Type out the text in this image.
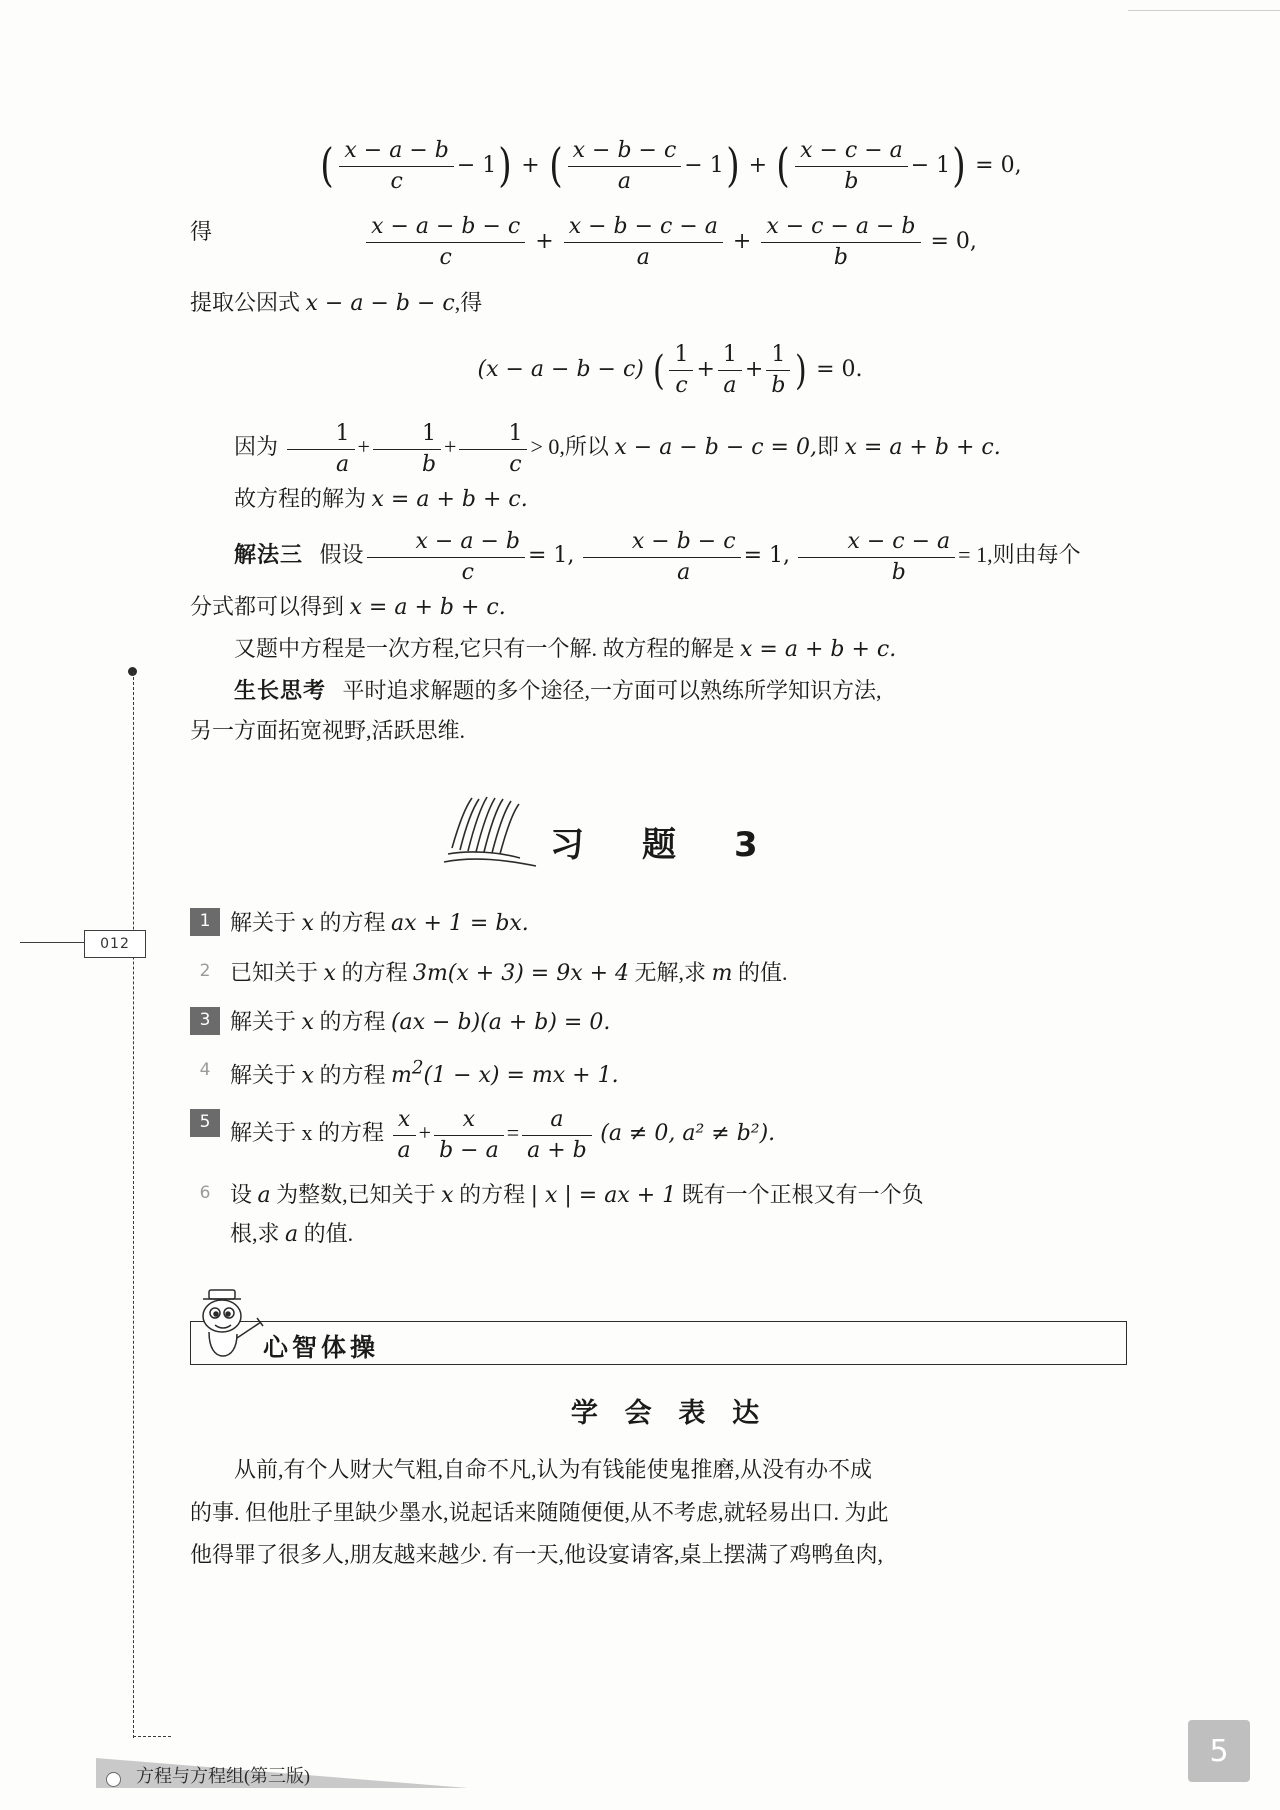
012
( $\frac{x - a - b}{c} - 1$) + ( $\frac{x - b - c}{a} - 1$) + ( $\frac{x - c - a}{b} - 1) = 0$,
得	$\frac{x - a - b - c}{c} + \frac{x - b - c - a}{a} + \frac{x - c - a - b}{b} = 0$,
提取公因式 x − a − b − c,得
(x − a − b − c) ( $\frac{1}{c} + \frac{1}{a} + \frac{1}{b}$ ) = 0.
因为 $\frac{1}{a} + \frac{1}{b} + \frac{1}{c} > 0$,所以 x − a − b − c = 0,即 x = a + b + c.
故方程的解为 x = a + b + c.
解法三 假设 $\frac{x - a - b}{c} = 1$, $\frac{x - b - c}{a} = 1$, $\frac{x - c - a}{b} = 1$,则由每个
分式都可以得到 x = a + b + c.
又题中方程是一次方程,它只有一个解. 故方程的解是 x = a + b + c.
生长思考 平时追求解题的多个途径,一方面可以熟练所学知识方法,
另一方面拓宽视野,活跃思维.
习　题　3
1 解关于 x 的方程 ax + 1 = bx.
2 已知关于 x 的方程 3m(x + 3) = 9x + 4 无解,求 m 的值.
3 解关于 x 的方程 (ax − b)(a + b) = 0.
4 解关于 x 的方程 $m^2(1 - x)$ = mx + 1.
5 解关于 x 的方程 $\frac{x}{a} + \frac{x}{b - a} = \frac{a}{a + b} (a \ne 0$, a² ≠ b²).
6 设 a 为整数,已知关于 x 的方程 | x | = ax + 1 既有一个正根又有一个负
根,求 a 的值.
心智体操
学 会 表 达
从前,有个人财大气粗,自命不凡,认为有钱能使鬼推磨,从没有办不成
的事. 但他肚子里缺少墨水,说起话来随随便便,从不考虑,就轻易出口. 为此
他得罪了很多人,朋友越来越少. 有一天,他设宴请客,桌上摆满了鸡鸭鱼肉,
方程与方程组(第三版)
5
